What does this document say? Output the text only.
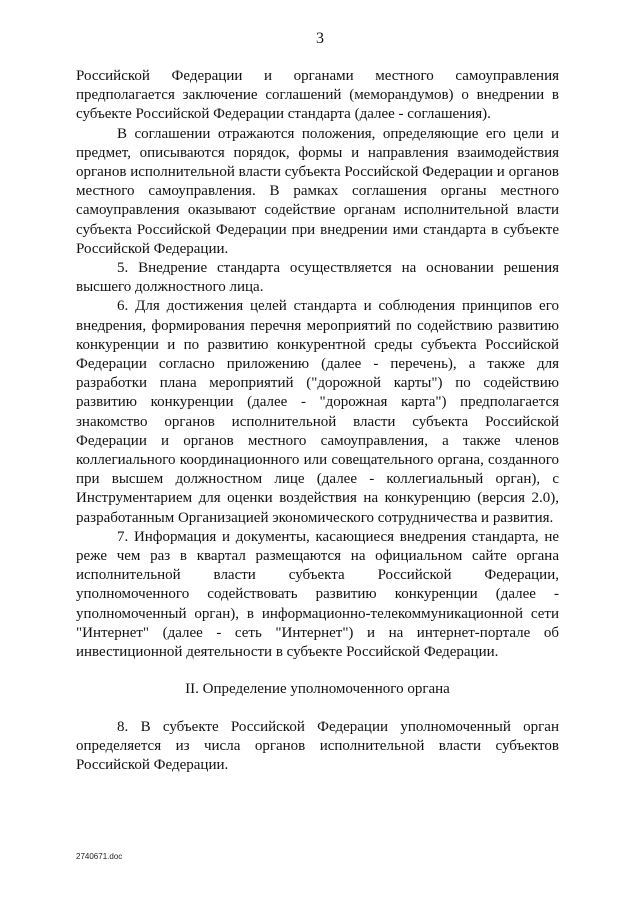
3

Российской Федерации и органами местного самоуправления предполагается заключение соглашений (меморандумов) о внедрении в субъекте Российской Федерации стандарта (далее - соглашения).

В соглашении отражаются положения, определяющие его цели и предмет, описываются порядок, формы и направления взаимодействия органов исполнительной власти субъекта Российской Федерации и органов местного самоуправления. В рамках соглашения органы местного самоуправления оказывают содействие органам исполнительной власти субъекта Российской Федерации при внедрении ими стандарта в субъекте Российской Федерации.

5. Внедрение стандарта осуществляется на основании решения высшего должностного лица.

6. Для достижения целей стандарта и соблюдения принципов его внедрения, формирования перечня мероприятий по содействию развитию конкуренции и по развитию конкурентной среды субъекта Российской Федерации согласно приложению (далее - перечень), а также для разработки плана мероприятий ("дорожной карты") по содействию развитию конкуренции (далее - "дорожная карта") предполагается знакомство органов исполнительной власти субъекта Российской Федерации и органов местного самоуправления, а также членов коллегиального координационного или совещательного органа, созданного при высшем должностном лице (далее - коллегиальный орган), с Инструментарием для оценки воздействия на конкуренцию (версия 2.0), разработанным Организацией экономического сотрудничества и развития.

7. Информация и документы, касающиеся внедрения стандарта, не реже чем раз в квартал размещаются на официальном сайте органа исполнительной власти субъекта Российской Федерации, уполномоченного содействовать развитию конкуренции (далее - уполномоченный орган), в информационно-телекоммуникационной сети "Интернет" (далее - сеть "Интернет") и на интернет-портале об инвестиционной деятельности в субъекте Российской Федерации.

II. Определение уполномоченного органа

8. В субъекте Российской Федерации уполномоченный орган определяется из числа органов исполнительной власти субъектов Российской Федерации.

2740671.doc
